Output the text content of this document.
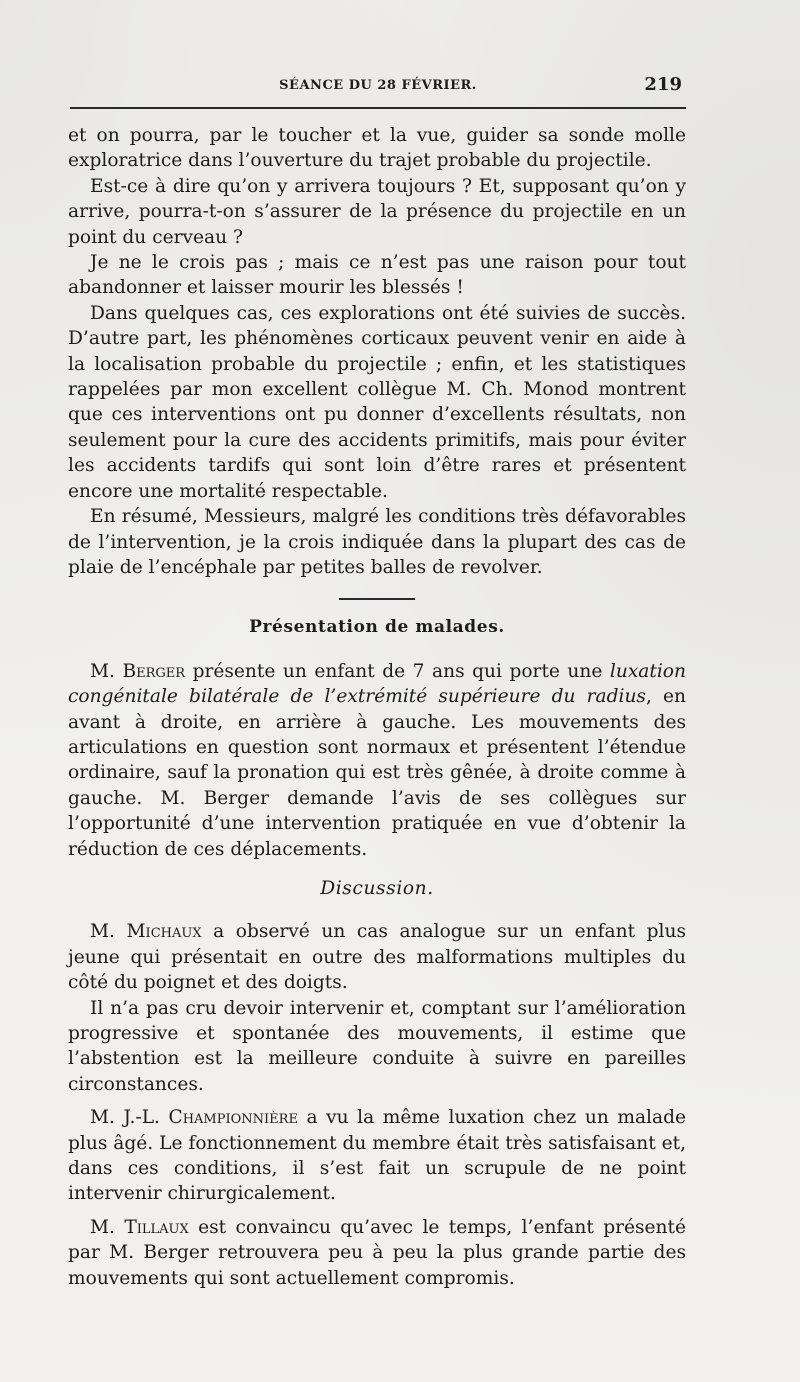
SÉANCE DU 28 FÉVRIER.	219

et on pourra, par le toucher et la vue, guider sa sonde molle exploratrice dans l’ouverture du trajet probable du projectile.

Est-ce à dire qu’on y arrivera toujours ? Et, supposant qu’on y arrive, pourra-t-on s’assurer de la présence du projectile en un point du cerveau ?

Je ne le crois pas ; mais ce n’est pas une raison pour tout abandonner et laisser mourir les blessés !

Dans quelques cas, ces explorations ont été suivies de succès. D’autre part, les phénomènes corticaux peuvent venir en aide à la localisation probable du projectile ; enfin, et les statistiques rappelées par mon excellent collègue M. Ch. Monod montrent que ces interventions ont pu donner d’excellents résultats, non seulement pour la cure des accidents primitifs, mais pour éviter les accidents tardifs qui sont loin d’être rares et présentent encore une mortalité respectable.

En résumé, Messieurs, malgré les conditions très défavorables de l’intervention, je la crois indiquée dans la plupart des cas de plaie de l’encéphale par petites balles de revolver.

Présentation de malades.

M. Berger présente un enfant de 7 ans qui porte une luxation congénitale bilatérale de l’extrémité supérieure du radius, en avant à droite, en arrière à gauche. Les mouvements des articulations en question sont normaux et présentent l’étendue ordinaire, sauf la pronation qui est très gênée, à droite comme à gauche. M. Berger demande l’avis de ses collègues sur l’opportunité d’une intervention pratiquée en vue d’obtenir la réduction de ces déplacements.

Discussion.

M. Michaux a observé un cas analogue sur un enfant plus jeune qui présentait en outre des malformations multiples du côté du poignet et des doigts.

Il n’a pas cru devoir intervenir et, comptant sur l’amélioration progressive et spontanée des mouvements, il estime que l’abstention est la meilleure conduite à suivre en pareilles circonstances.

M. J.-L. Championnière a vu la même luxation chez un malade plus âgé. Le fonctionnement du membre était très satisfaisant et, dans ces conditions, il s’est fait un scrupule de ne point intervenir chirurgicalement.

M. Tillaux est convaincu qu’avec le temps, l’enfant présenté par M. Berger retrouvera peu à peu la plus grande partie des mouvements qui sont actuellement compromis.
